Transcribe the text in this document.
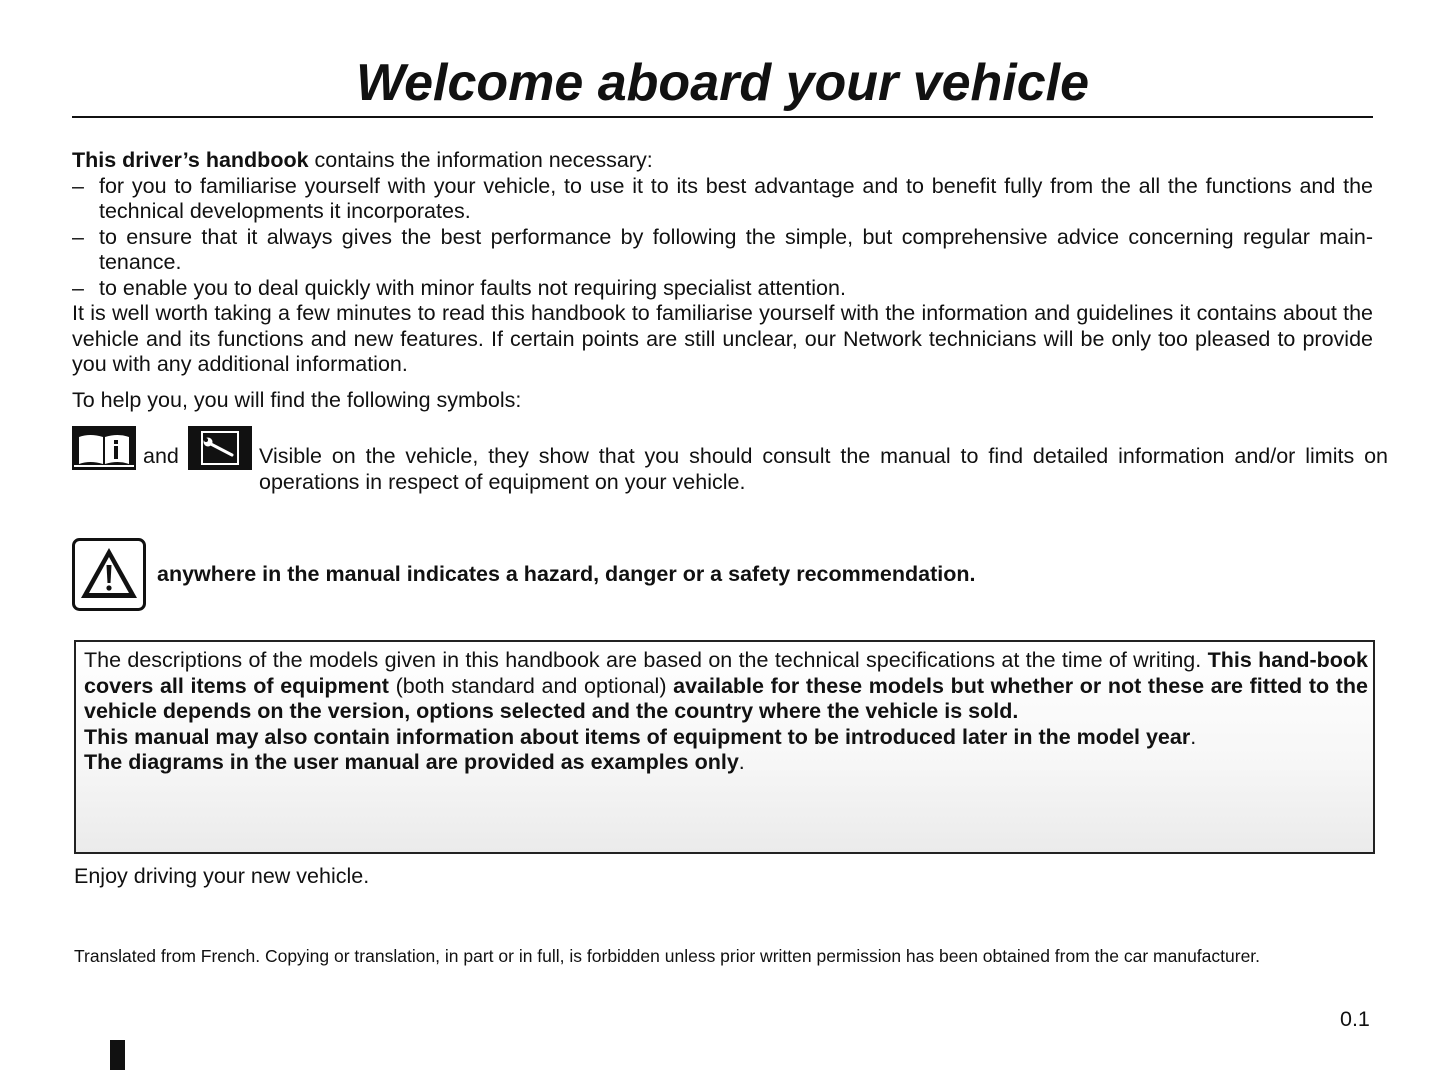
Welcome aboard your vehicle

This driver’s handbook contains the information necessary:

– for you to familiarise yourself with your vehicle, to use it to its best advantage and to benefit fully from the all the functions and the technical developments it incorporates.
– to ensure that it always gives the best performance by following the simple, but comprehensive advice concerning regular main-tenance.
– to enable you to deal quickly with minor faults not requiring specialist attention.

It is well worth taking a few minutes to read this handbook to familiarise yourself with the information and guidelines it contains about the vehicle and its functions and new features. If certain points are still unclear, our Network technicians will be only too pleased to provide you with any additional information.

To help you, you will find the following symbols:

and	Visible on the vehicle, they show that you should consult the manual to find detailed information and/or limits on operations in respect of equipment on your vehicle.
anywhere in the manual indicates a hazard, danger or a safety recommendation.

The descriptions of the models given in this handbook are based on the technical specifications at the time of writing. This hand-book covers all items of equipment (both standard and optional) available for these models but whether or not these are fitted to the vehicle depends on the version, options selected and the country where the vehicle is sold.

This manual may also contain information about items of equipment to be introduced later in the model year.

The diagrams in the user manual are provided as examples only.

Enjoy driving your new vehicle.
Translated from French. Copying or translation, in part or in full, is forbidden unless prior written permission has been obtained from the car manufacturer.
0.1
